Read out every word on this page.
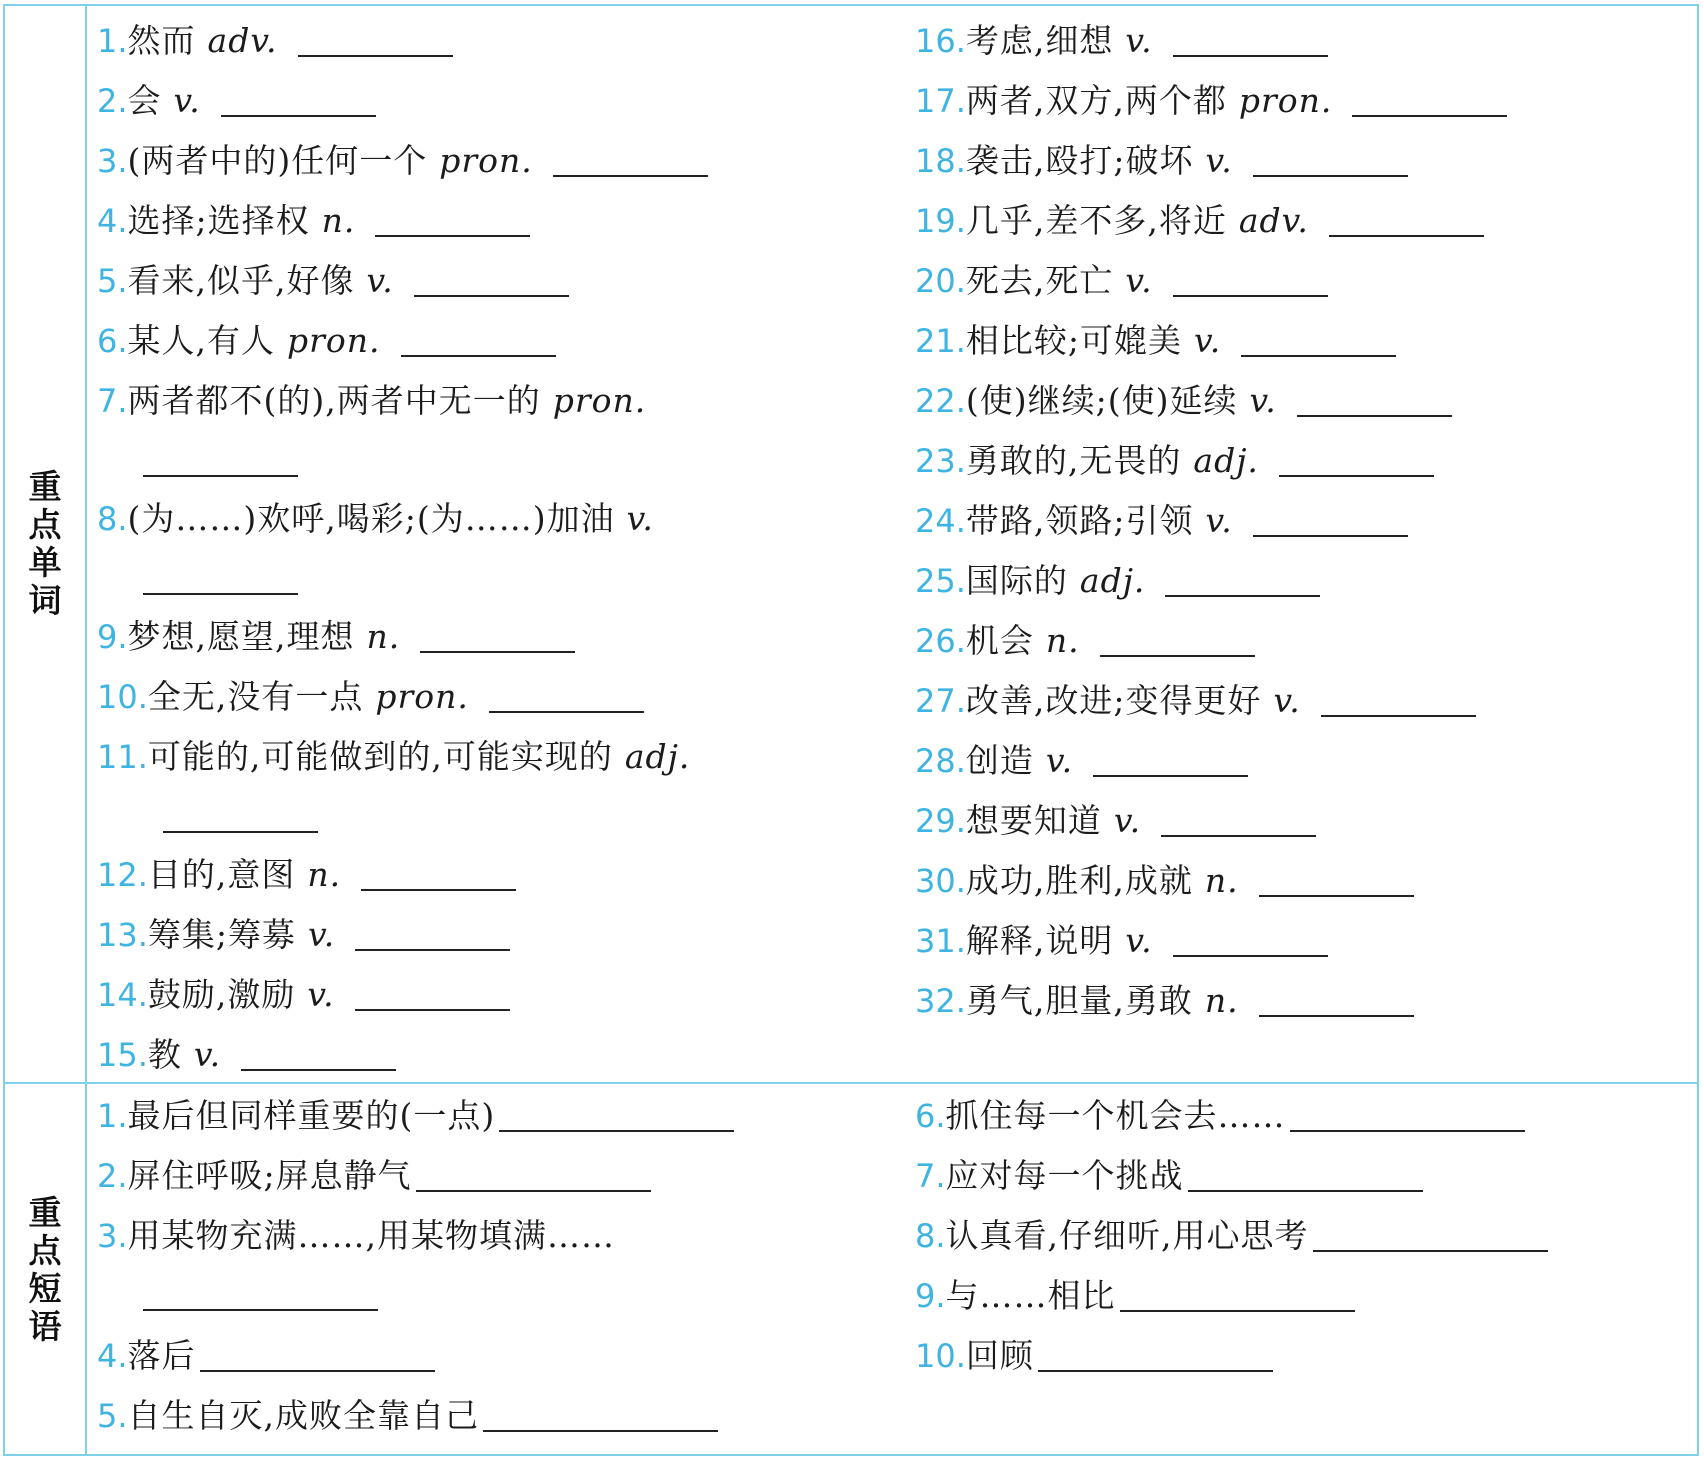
重
点
单
词
重
点
短
语
1. 然而 adv.
2. 会 v.
3. (两者中的)任何一个 pron.
4. 选择;选择权 n.
5. 看来,似乎,好像 v.
6. 某人,有人 pron.
7. 两者都不(的),两者中无一的 pron.
8. (为……)欢呼,喝彩;(为……)加油 v.
9. 梦想,愿望,理想 n.
10. 全无,没有一点 pron.
11. 可能的,可能做到的,可能实现的 adj.
12. 目的,意图 n.
13. 筹集;筹募 v.
14. 鼓励,激励 v.
15. 教 v.
16. 考虑,细想 v.
17. 两者,双方,两个都 pron.
18. 袭击,殴打;破坏 v.
19. 几乎,差不多,将近 adv.
20. 死去,死亡 v.
21. 相比较;可媲美 v.
22. (使)继续;(使)延续 v.
23. 勇敢的,无畏的 adj.
24. 带路,领路;引领 v.
25. 国际的 adj.
26. 机会 n.
27. 改善,改进;变得更好 v.
28. 创造 v.
29. 想要知道 v.
30. 成功,胜利,成就 n.
31. 解释,说明 v.
32. 勇气,胆量,勇敢 n.
1. 最后但同样重要的(一点)
2. 屏住呼吸;屏息静气
3. 用某物充满……,用某物填满……
4. 落后
5. 自生自灭,成败全靠自己
6. 抓住每一个机会去……
7. 应对每一个挑战
8. 认真看,仔细听,用心思考
9. 与……相比
10. 回顾
